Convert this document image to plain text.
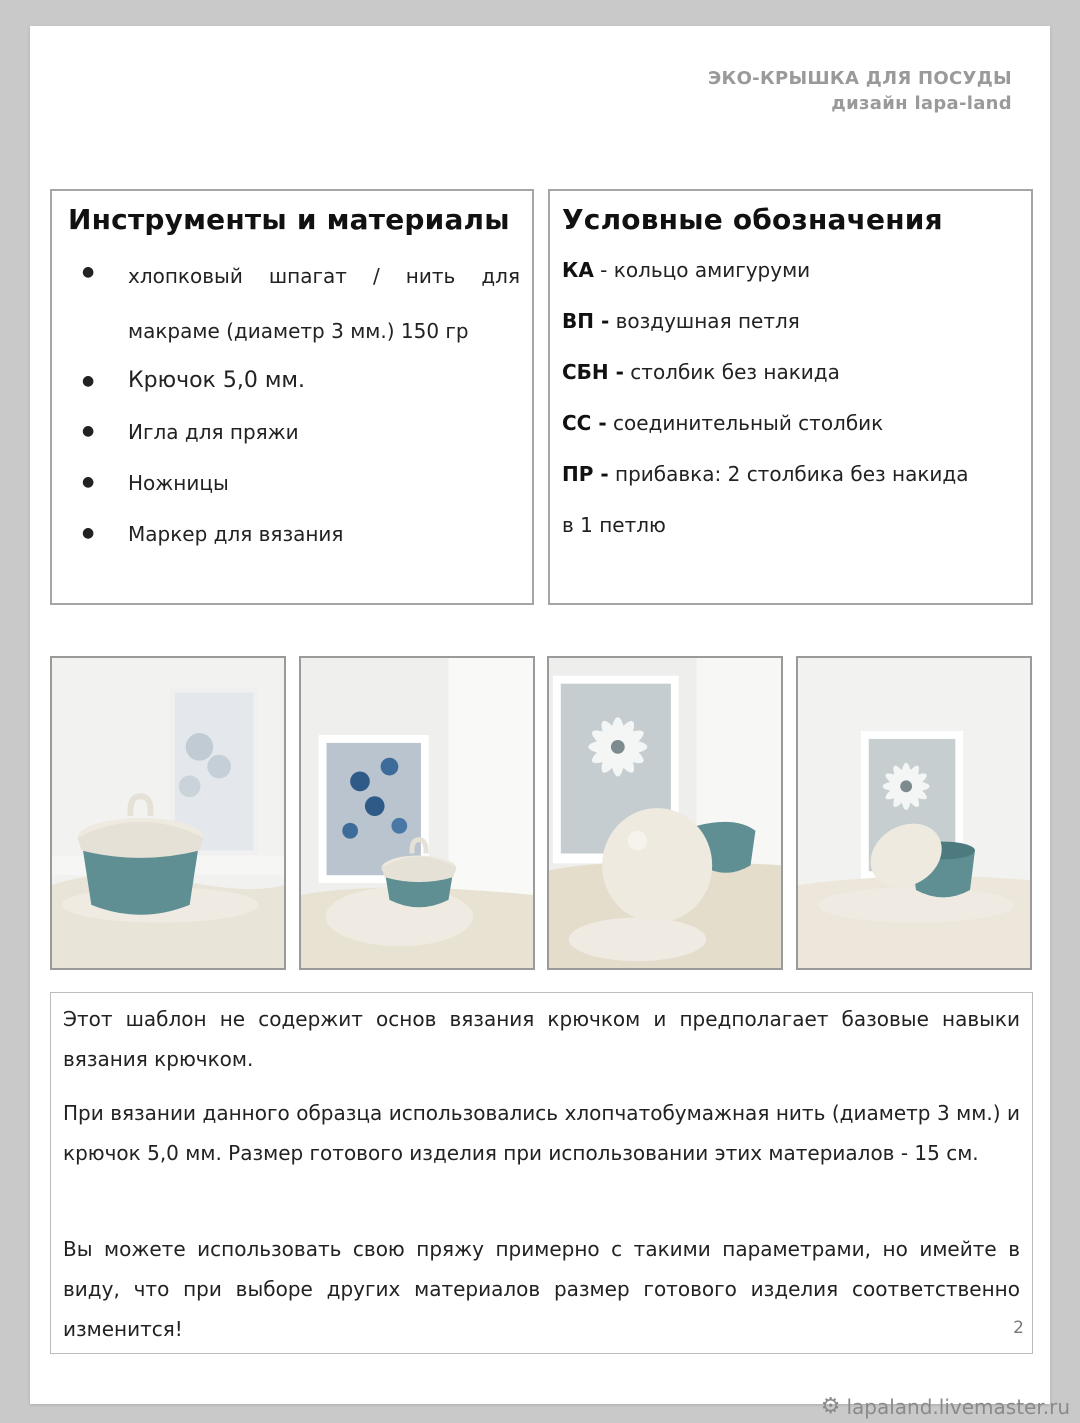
ЭКО-КРЫШКА ДЛЯ ПОСУДЫ
дизайн lapa-land
Инструменты и материалы
● хлопковый шпагат / нить для
макраме (диаметр 3 мм.) 150 гр
● Крючок 5,0 мм.
● Игла для пряжи
● Ножницы
● Маркер для вязания
Условные обозначения
КА - кольцо амигуруми
ВП - воздушная петля
СБН - столбик без накида
СС - соединительный столбик
ПР - прибавка: 2 столбика без накида
в 1 петлю

Этот шаблон не содержит основ вязания крючком и предполагает базовые навыки вязания крючком.

При вязании данного образца использовались хлопчатобумажная нить (диаметр 3 мм.) и крючок 5,0 мм. Размер готового изделия при использовании этих материалов - 15 см.

Вы можете использовать свою пряжу примерно с такими параметрами, но имейте в виду, что при выборе других материалов размер готового изделия соответственно изменится!	2
⚙ lapaland.livemaster.ru
